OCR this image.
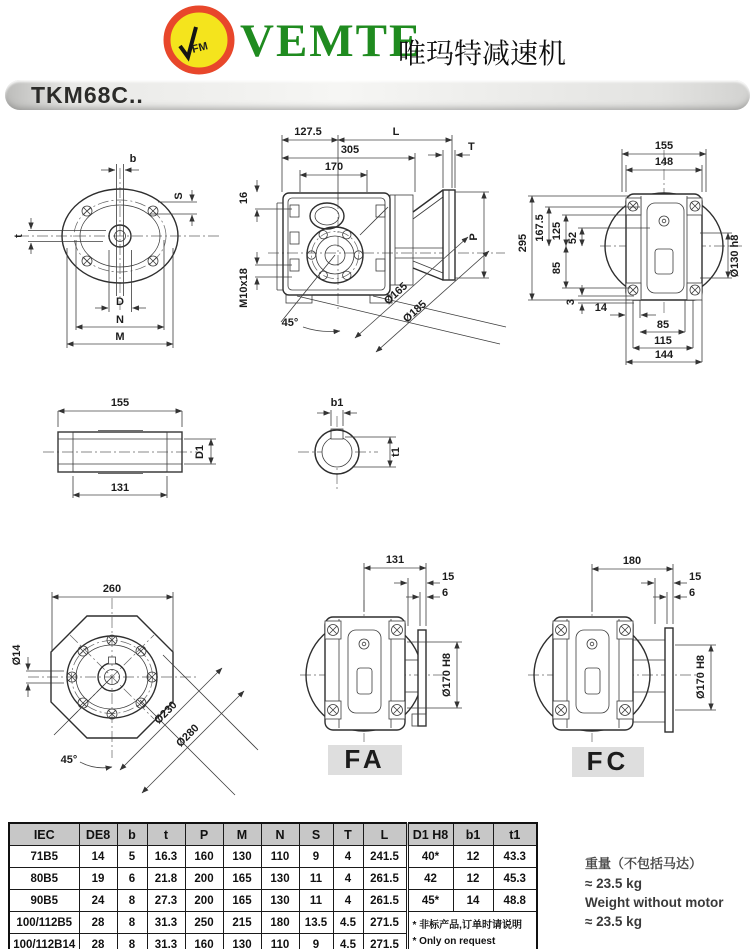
FM VEMTE
唯玛特减速机
TKM68C..
b
S
t
D
N
M
127.5	L
305
170
T
P
16
M10x18
45°
Ø165
Ø185
155
148
295
167.5 125 52
85
3
Ø130 h8
14
85
115
144
155
131
D1
b1
t1
260
Ø14
45°
Ø230
Ø280
131
15
6
Ø170 H8
FA
180
15
6
Ø170 H8
FC
IEC	DE8	b	t	P	M	N	S	T	L	D1 H8	b1	t1
71B5	14	5	16.3	160	130	110	9	4	241.5	40*	12	43.3
80B5	19	6	21.8	200	165	130	11	4	261.5	42	12	45.3
90B5	24	8	27.3	200	165	130	11	4	261.5	45*	14	48.8
100/112B5	28	8	31.3	250	215	180	13.5	4.5	271.5	* 非标产品,订单时请说明
* Only on request		
100/112B14	28	8	31.3	160	130	110	9	4.5	271.5			
重量（不包括马达）
≈ 23.5 kg
Weight without motor
≈ 23.5 kg
